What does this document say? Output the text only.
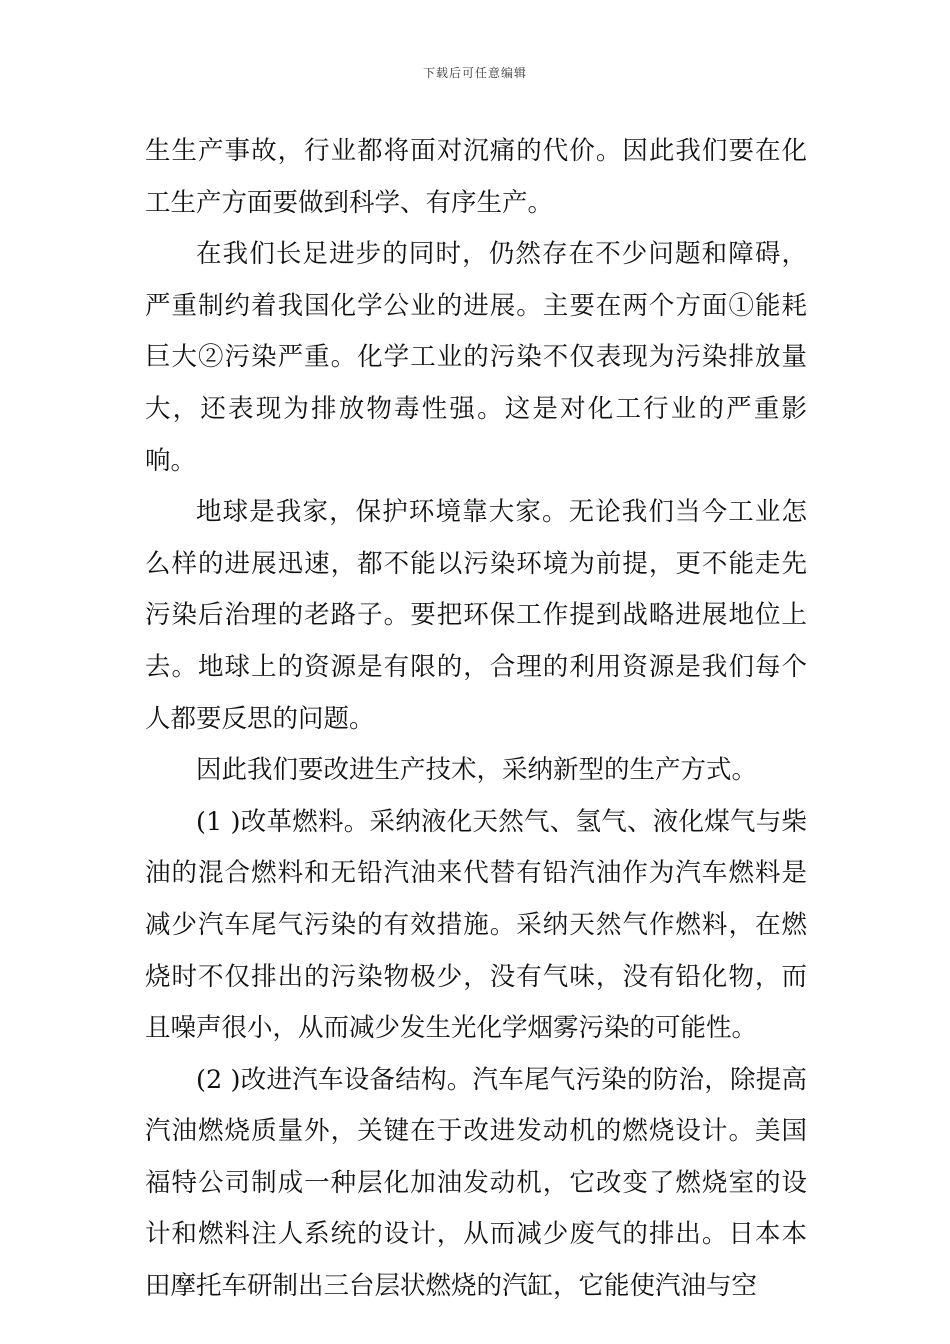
下载后可任意编辑

生生产事故，行业都将面对沉痛的代价。因此我们要在化工生产方面要做到科学、有序生产。

在我们长足进步的同时，仍然存在不少问题和障碍，严重制约着我国化学公业的进展。主要在两个方面①能耗巨大②污染严重。化学工业的污染不仅表现为污染排放量大，还表现为排放物毒性强。这是对化工行业的严重影响。

地球是我家，保护环境靠大家。无论我们当今工业怎么样的进展迅速，都不能以污染环境为前提，更不能走先污染后治理的老路子。要把环保工作提到战略进展地位上去。地球上的资源是有限的，合理的利用资源是我们每个人都要反思的问题。

因此我们要改进生产技术，采纳新型的生产方式。

(1 )改革燃料。采纳液化天然气、氢气、液化煤气与柴油的混合燃料和无铅汽油来代替有铅汽油作为汽车燃料是减少汽车尾气污染的有效措施。采纳天然气作燃料，在燃烧时不仅排出的污染物极少，没有气味，没有铅化物，而且噪声很小，从而减少发生光化学烟雾污染的可能性。

(2 )改进汽车设备结构。汽车尾气污染的防治，除提高汽油燃烧质量外，关键在于改进发动机的燃烧设计。美国福特公司制成一种层化加油发动机，它改变了燃烧室的设计和燃料注人系统的设计，从而减少废气的排出。日本本田摩托车研制出三台层状燃烧的汽缸，它能使汽油与空
